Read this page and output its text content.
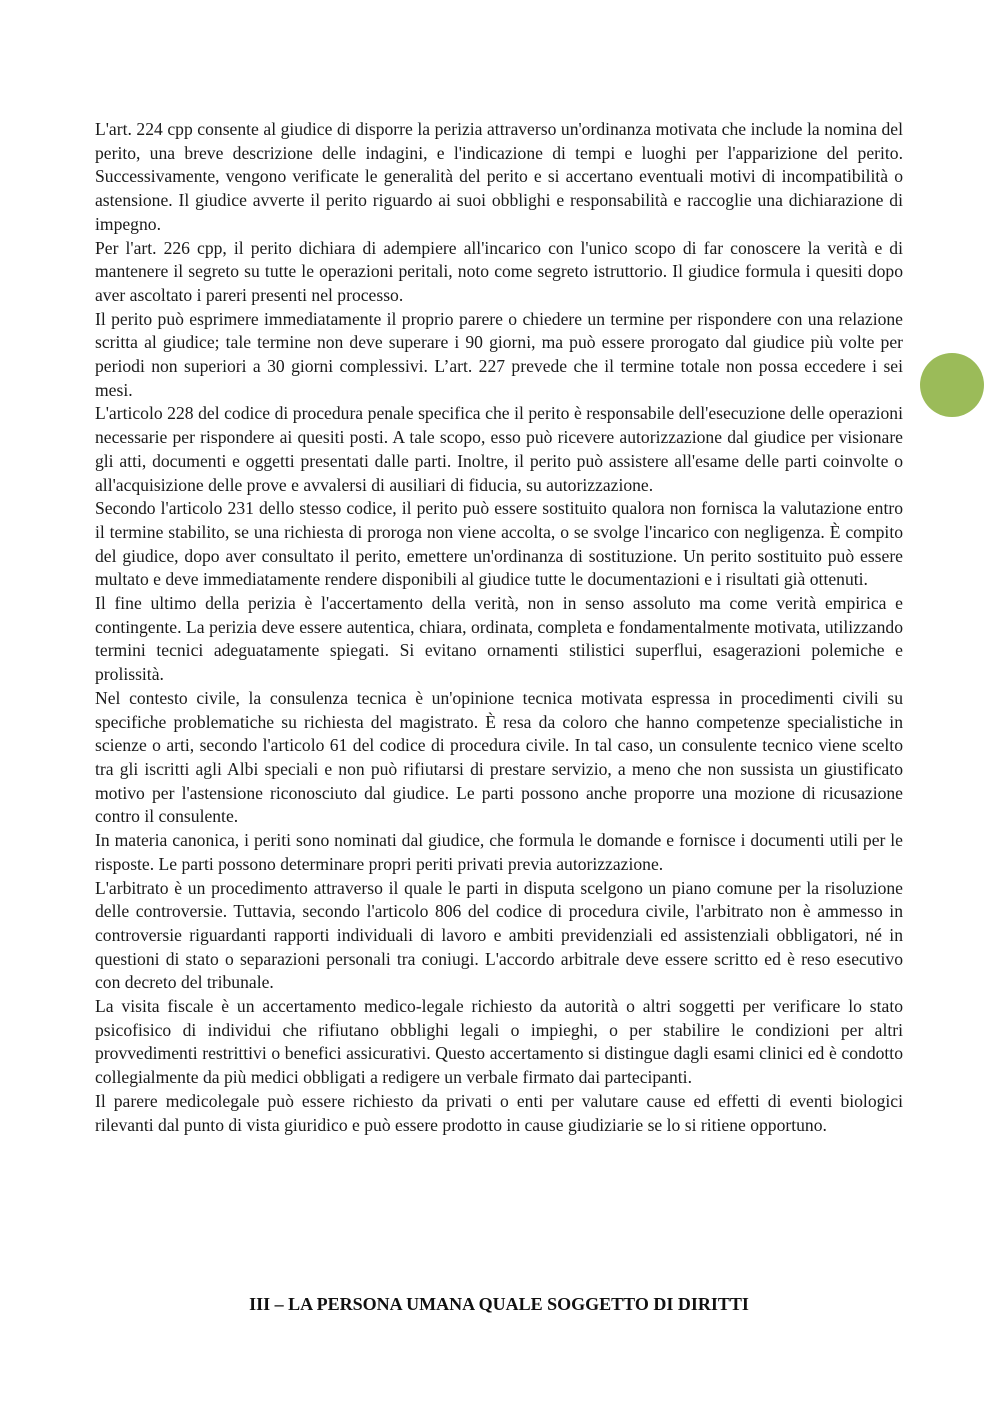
L'art. 224 cpp consente al giudice di disporre la perizia attraverso un'ordinanza motivata che include la nomina del perito, una breve descrizione delle indagini, e l'indicazione di tempi e luoghi per l'apparizione del perito. Successivamente, vengono verificate le generalità del perito e si accertano eventuali motivi di incompatibilità o astensione. Il giudice avverte il perito riguardo ai suoi obblighi e responsabilità e raccoglie una dichiarazione di impegno.

Per l'art. 226 cpp, il perito dichiara di adempiere all'incarico con l'unico scopo di far conoscere la verità e di mantenere il segreto su tutte le operazioni peritali, noto come segreto istruttorio. Il giudice formula i quesiti dopo aver ascoltato i pareri presenti nel processo.

Il perito può esprimere immediatamente il proprio parere o chiedere un termine per rispondere con una relazione scritta al giudice; tale termine non deve superare i 90 giorni, ma può essere prorogato dal giudice più volte per periodi non superiori a 30 giorni complessivi. L’art. 227 prevede che il termine totale non possa eccedere i sei mesi.

L'articolo 228 del codice di procedura penale specifica che il perito è responsabile dell'esecuzione delle operazioni necessarie per rispondere ai quesiti posti. A tale scopo, esso può ricevere autorizzazione dal giudice per visionare gli atti, documenti e oggetti presentati dalle parti. Inoltre, il perito può assistere all'esame delle parti coinvolte o all'acquisizione delle prove e avvalersi di ausiliari di fiducia, su autorizzazione.

Secondo l'articolo 231 dello stesso codice, il perito può essere sostituito qualora non fornisca la valutazione entro il termine stabilito, se una richiesta di proroga non viene accolta, o se svolge l'incarico con negligenza. È compito del giudice, dopo aver consultato il perito, emettere un'ordinanza di sostituzione. Un perito sostituito può essere multato e deve immediatamente rendere disponibili al giudice tutte le documentazioni e i risultati già ottenuti.

Il fine ultimo della perizia è l'accertamento della verità, non in senso assoluto ma come verità empirica e contingente. La perizia deve essere autentica, chiara, ordinata, completa e fondamentalmente motivata, utilizzando termini tecnici adeguatamente spiegati. Si evitano ornamenti stilistici superflui, esagerazioni polemiche e prolissità.

Nel contesto civile, la consulenza tecnica è un'opinione tecnica motivata espressa in procedimenti civili su specifiche problematiche su richiesta del magistrato. È resa da coloro che hanno competenze specialistiche in scienze o arti, secondo l'articolo 61 del codice di procedura civile. In tal caso, un consulente tecnico viene scelto tra gli iscritti agli Albi speciali e non può rifiutarsi di prestare servizio, a meno che non sussista un giustificato motivo per l'astensione riconosciuto dal giudice. Le parti possono anche proporre una mozione di ricusazione contro il consulente.

In materia canonica, i periti sono nominati dal giudice, che formula le domande e fornisce i documenti utili per le risposte. Le parti possono determinare propri periti privati previa autorizzazione.

L'arbitrato è un procedimento attraverso il quale le parti in disputa scelgono un piano comune per la risoluzione delle controversie. Tuttavia, secondo l'articolo 806 del codice di procedura civile, l'arbitrato non è ammesso in controversie riguardanti rapporti individuali di lavoro e ambiti previdenziali ed assistenziali obbligatori, né in questioni di stato o separazioni personali tra coniugi. L'accordo arbitrale deve essere scritto ed è reso esecutivo con decreto del tribunale.

La visita fiscale è un accertamento medico-legale richiesto da autorità o altri soggetti per verificare lo stato psicofisico di individui che rifiutano obblighi legali o impieghi, o per stabilire le condizioni per altri provvedimenti restrittivi o benefici assicurativi. Questo accertamento si distingue dagli esami clinici ed è condotto collegialmente da più medici obbligati a redigere un verbale firmato dai partecipanti.

Il parere medicolegale può essere richiesto da privati o enti per valutare cause ed effetti di eventi biologici rilevanti dal punto di vista giuridico e può essere prodotto in cause giudiziarie se lo si ritiene opportuno.

III – LA PERSONA UMANA QUALE SOGGETTO DI DIRITTI
